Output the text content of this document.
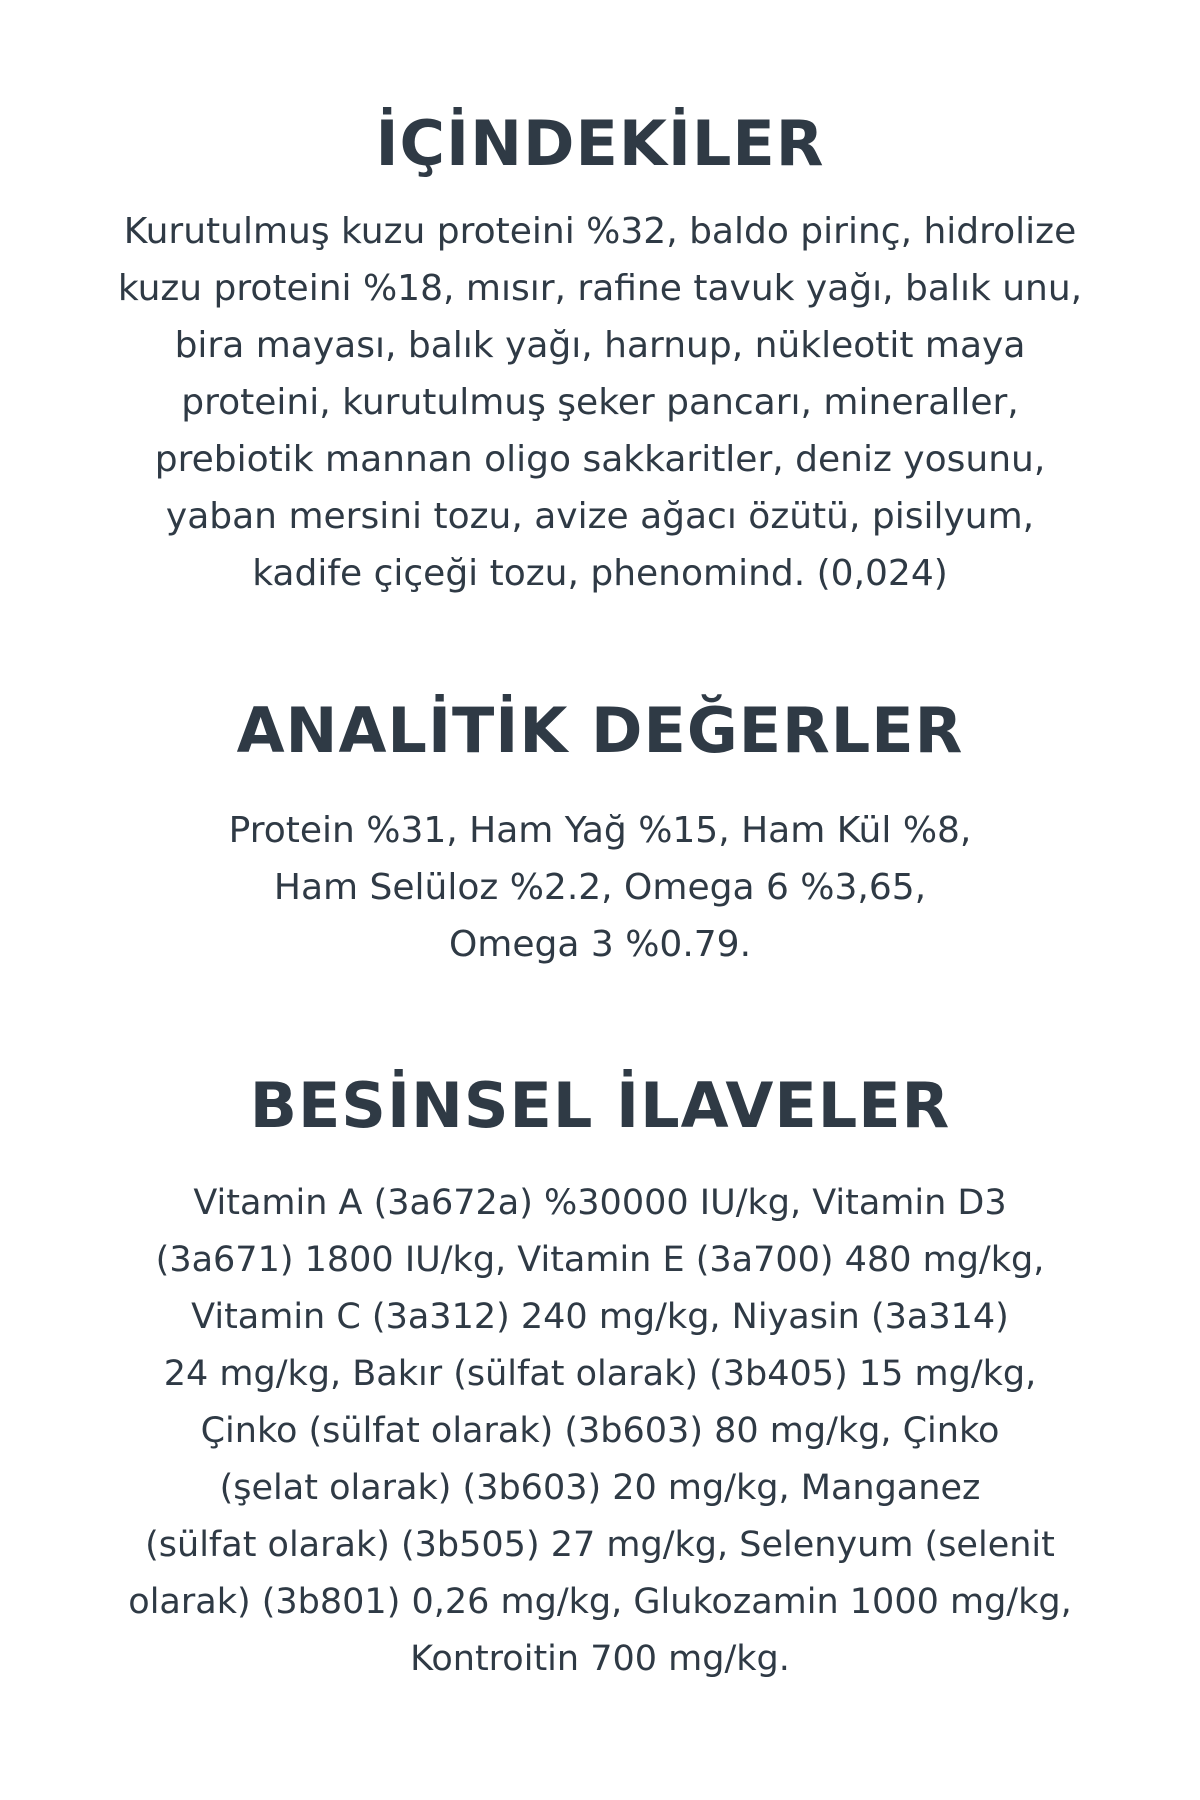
İÇİNDEKİLER

Kurutulmuş kuzu proteini %32, baldo pirinç, hidrolize
kuzu proteini %18, mısır, rafine tavuk yağı, balık unu,
bira mayası, balık yağı, harnup, nükleotit maya
proteini, kurutulmuş şeker pancarı, mineraller,
prebiotik mannan oligo sakkaritler, deniz yosunu,
yaban mersini tozu, avize ağacı özütü, pisilyum,
kadife çiçeği tozu, phenomind. (0,024)

ANALİTİK DEĞERLER

Protein %31, Ham Yağ %15, Ham Kül %8,
Ham Selülоz %2.2, Omega 6 %3,65,
Omega 3 %0.79.

BESİNSEL İLAVELER

Vitamin A (3a672a) %30000 IU/kg, Vitamin D3
(3a671) 1800 IU/kg, Vitamin E (3a700) 480 mg/kg,
Vitamin C (3a312) 240 mg/kg, Niyasin (3a314)
24 mg/kg, Bakır (sülfat olarak) (3b405) 15 mg/kg,
Çinko (sülfat olarak) (3b603) 80 mg/kg, Çinko
(şelat olarak) (3b603) 20 mg/kg, Manganez
(sülfat olarak) (3b505) 27 mg/kg, Selenyum (selenit
olarak) (3b801) 0,26 mg/kg, Glukozamin 1000 mg/kg,
Kontroitin 700 mg/kg.
